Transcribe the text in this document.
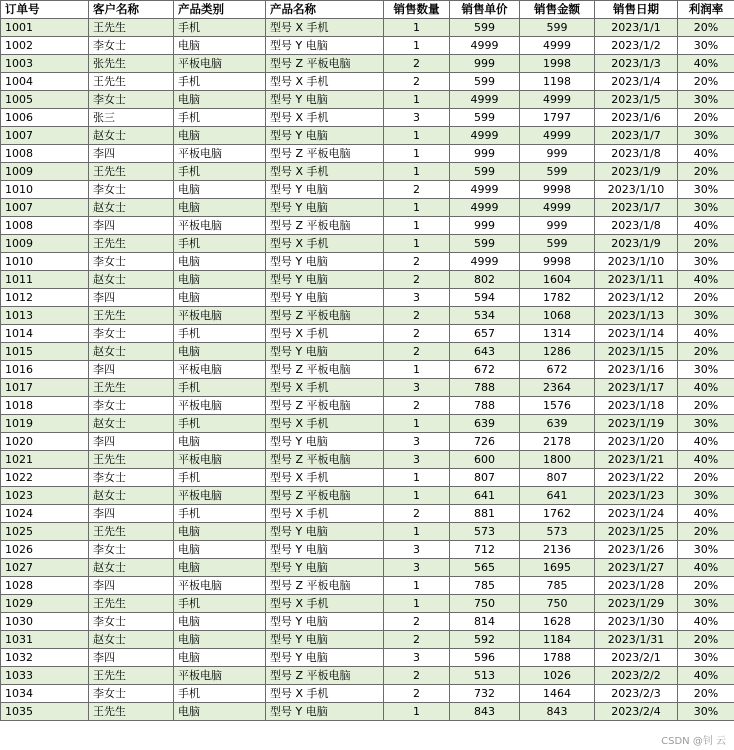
订单号	客户名称	产品类别	产品名称	销售数量	销售单价	销售金额	销售日期	利润率
1001	王先生	手机	型号 X 手机	1	599	599	2023/1/1	20%
1002	李女士	电脑	型号 Y 电脑	1	4999	4999	2023/1/2	30%
1003	张先生	平板电脑	型号 Z 平板电脑	2	999	1998	2023/1/3	40%
1004	王先生	手机	型号 X 手机	2	599	1198	2023/1/4	20%
1005	李女士	电脑	型号 Y 电脑	1	4999	4999	2023/1/5	30%
1006	张三	手机	型号 X 手机	3	599	1797	2023/1/6	20%
1007	赵女士	电脑	型号 Y 电脑	1	4999	4999	2023/1/7	30%
1008	李四	平板电脑	型号 Z 平板电脑	1	999	999	2023/1/8	40%
1009	王先生	手机	型号 X 手机	1	599	599	2023/1/9	20%
1010	李女士	电脑	型号 Y 电脑	2	4999	9998	2023/1/10	30%
1007	赵女士	电脑	型号 Y 电脑	1	4999	4999	2023/1/7	30%
1008	李四	平板电脑	型号 Z 平板电脑	1	999	999	2023/1/8	40%
1009	王先生	手机	型号 X 手机	1	599	599	2023/1/9	20%
1010	李女士	电脑	型号 Y 电脑	2	4999	9998	2023/1/10	30%
1011	赵女士	电脑	型号 Y 电脑	2	802	1604	2023/1/11	40%
1012	李四	电脑	型号 Y 电脑	3	594	1782	2023/1/12	20%
1013	王先生	平板电脑	型号 Z 平板电脑	2	534	1068	2023/1/13	30%
1014	李女士	手机	型号 X 手机	2	657	1314	2023/1/14	40%
1015	赵女士	电脑	型号 Y 电脑	2	643	1286	2023/1/15	20%
1016	李四	平板电脑	型号 Z 平板电脑	1	672	672	2023/1/16	30%
1017	王先生	手机	型号 X 手机	3	788	2364	2023/1/17	40%
1018	李女士	平板电脑	型号 Z 平板电脑	2	788	1576	2023/1/18	20%
1019	赵女士	手机	型号 X 手机	1	639	639	2023/1/19	30%
1020	李四	电脑	型号 Y 电脑	3	726	2178	2023/1/20	40%
1021	王先生	平板电脑	型号 Z 平板电脑	3	600	1800	2023/1/21	40%
1022	李女士	手机	型号 X 手机	1	807	807	2023/1/22	20%
1023	赵女士	平板电脑	型号 Z 平板电脑	1	641	641	2023/1/23	30%
1024	李四	手机	型号 X 手机	2	881	1762	2023/1/24	40%
1025	王先生	电脑	型号 Y 电脑	1	573	573	2023/1/25	20%
1026	李女士	电脑	型号 Y 电脑	3	712	2136	2023/1/26	30%
1027	赵女士	电脑	型号 Y 电脑	3	565	1695	2023/1/27	40%
1028	李四	平板电脑	型号 Z 平板电脑	1	785	785	2023/1/28	20%
1029	王先生	手机	型号 X 手机	1	750	750	2023/1/29	30%
1030	李女士	电脑	型号 Y 电脑	2	814	1628	2023/1/30	40%
1031	赵女士	电脑	型号 Y 电脑	2	592	1184	2023/1/31	20%
1032	李四	电脑	型号 Y 电脑	3	596	1788	2023/2/1	30%
1033	王先生	平板电脑	型号 Z 平板电脑	2	513	1026	2023/2/2	40%
1034	李女士	手机	型号 X 手机	2	732	1464	2023/2/3	20%
1035	王先生	电脑	型号 Y 电脑	1	843	843	2023/2/4	30%
CSDN @钊 云
